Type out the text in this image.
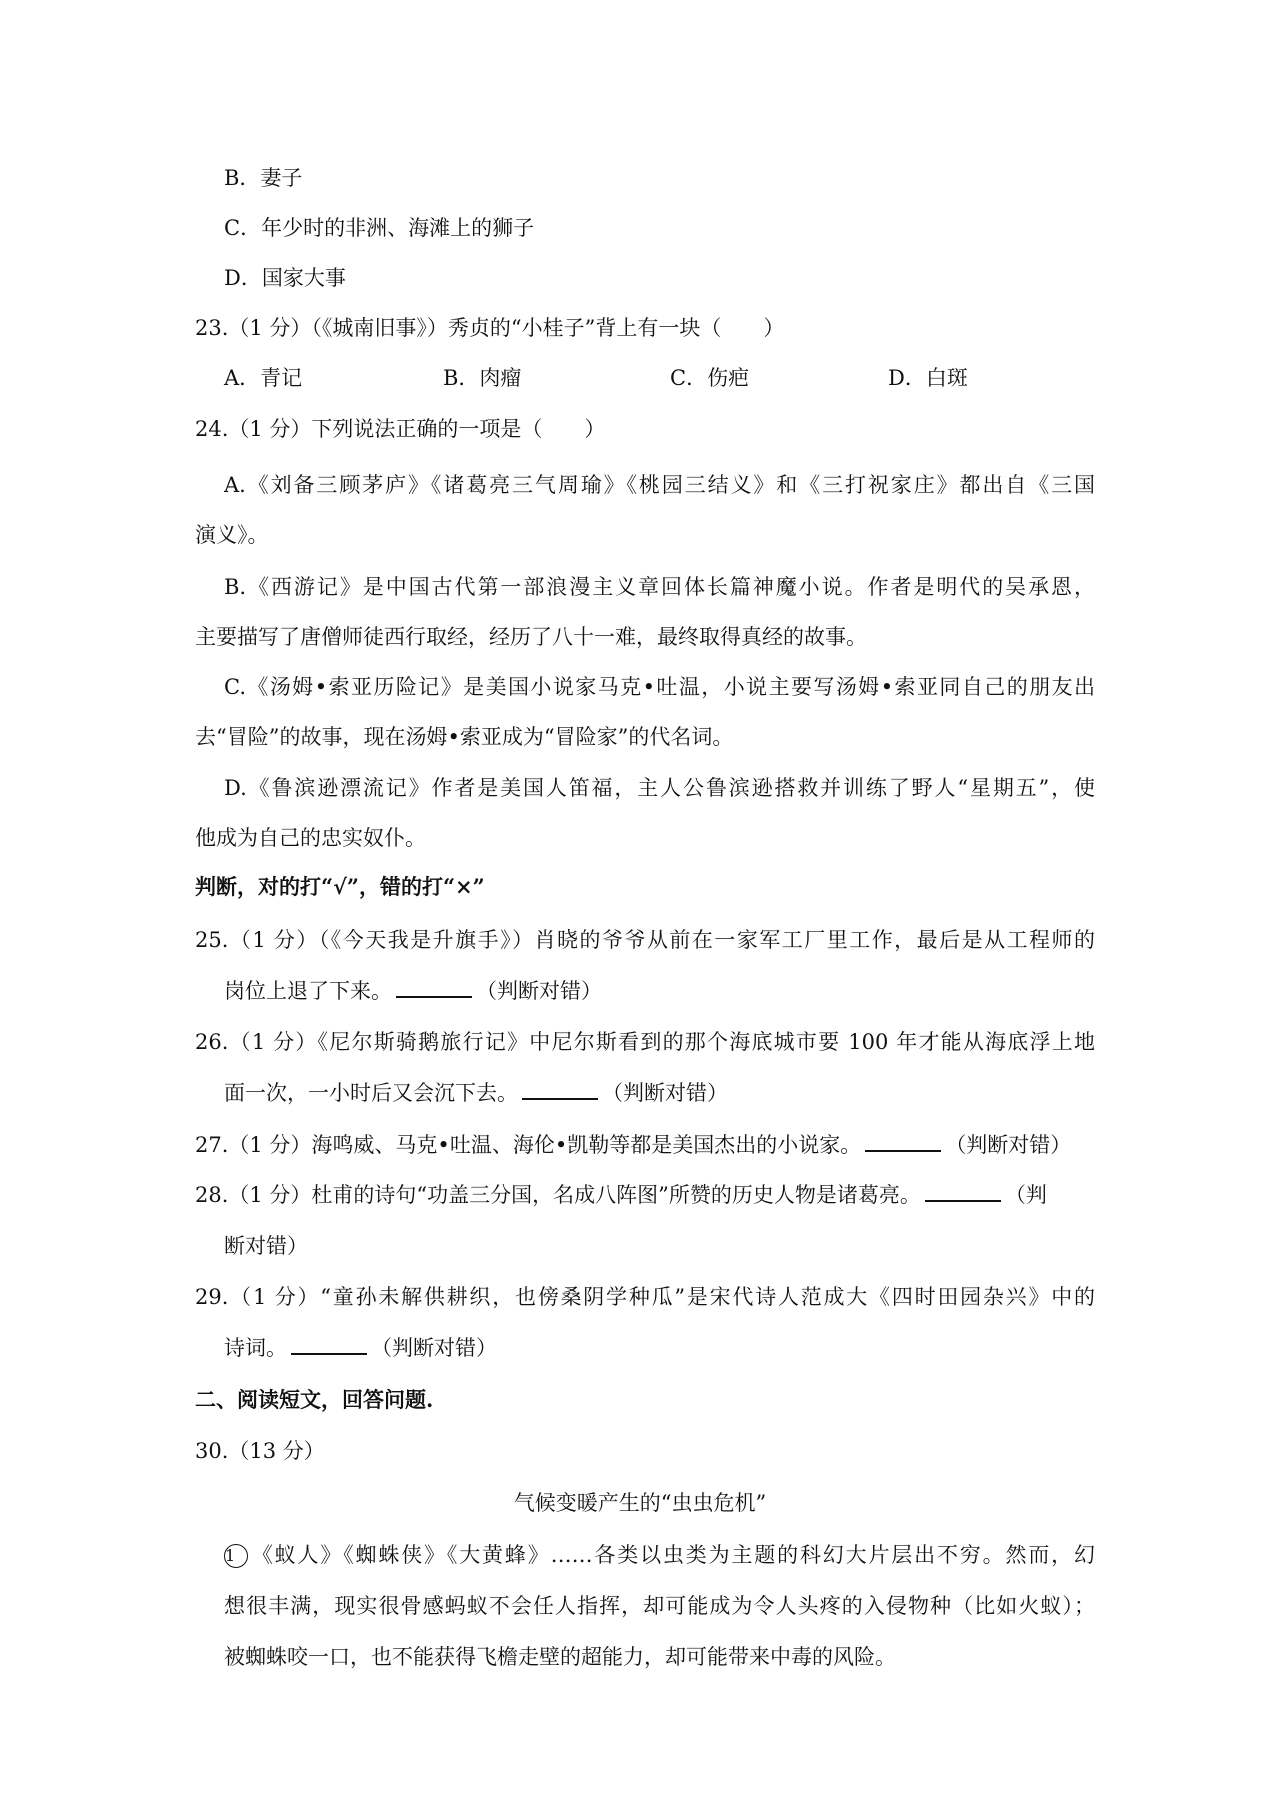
B．妻子
C．年少时的非洲、海滩上的狮子
D．国家大事
23.（1 分）（《城南旧事》）秀贞的“小桂子”背上有一块（　　）
A．青记	B．肉瘤	C．伤疤	D．白斑
24.（1 分）下列说法正确的一项是（　　）
A.《刘备三顾茅庐》《诸葛亮三气周瑜》《桃园三结义》和《三打祝家庄》都出自《三国
演义》。
B.《西游记》是中国古代第一部浪漫主义章回体长篇神魔小说。作者是明代的吴承恩，
主要描写了唐僧师徒西行取经，经历了八十一难，最终取得真经的故事。
C.《汤姆•索亚历险记》是美国小说家马克•吐温，小说主要写汤姆•索亚同自己的朋友出
去“冒险”的故事，现在汤姆•索亚成为“冒险家”的代名词。
D.《鲁滨逊漂流记》作者是美国人笛福，主人公鲁滨逊搭救并训练了野人“星期五”，使
他成为自己的忠实奴仆。
判断，对的打“√”，错的打“×”
25.（1 分）（《今天我是升旗手》）肖晓的爷爷从前在一家军工厂里工作，最后是从工程师的
岗位上退了下来。	（判断对错）
26.（1 分）《尼尔斯骑鹅旅行记》中尼尔斯看到的那个海底城市要 100 年才能从海底浮上地
面一次，一小时后又会沉下去。	（判断对错）
27.（1 分）海鸣威、马克•吐温、海伦•凯勒等都是美国杰出的小说家。	（判断对错）
28.（1 分）杜甫的诗句“功盖三分国，名成八阵图”所赞的历史人物是诸葛亮。	（判
断对错）
29.（1 分）“童孙未解供耕织，也傍桑阴学种瓜”是宋代诗人范成大《四时田园杂兴》中的
诗词。	（判断对错）
二、阅读短文，回答问题.
30.（13 分）
气候变暖产生的“虫虫危机”
1 《蚁人》《蜘蛛侠》《大黄蜂》……各类以虫类为主题的科幻大片层出不穷。然而，幻
想很丰满，现实很骨感蚂蚁不会任人指挥，却可能成为令人头疼的入侵物种（比如火蚁）；
被蜘蛛咬一口，也不能获得飞檐走壁的超能力，却可能带来中毒的风险。
